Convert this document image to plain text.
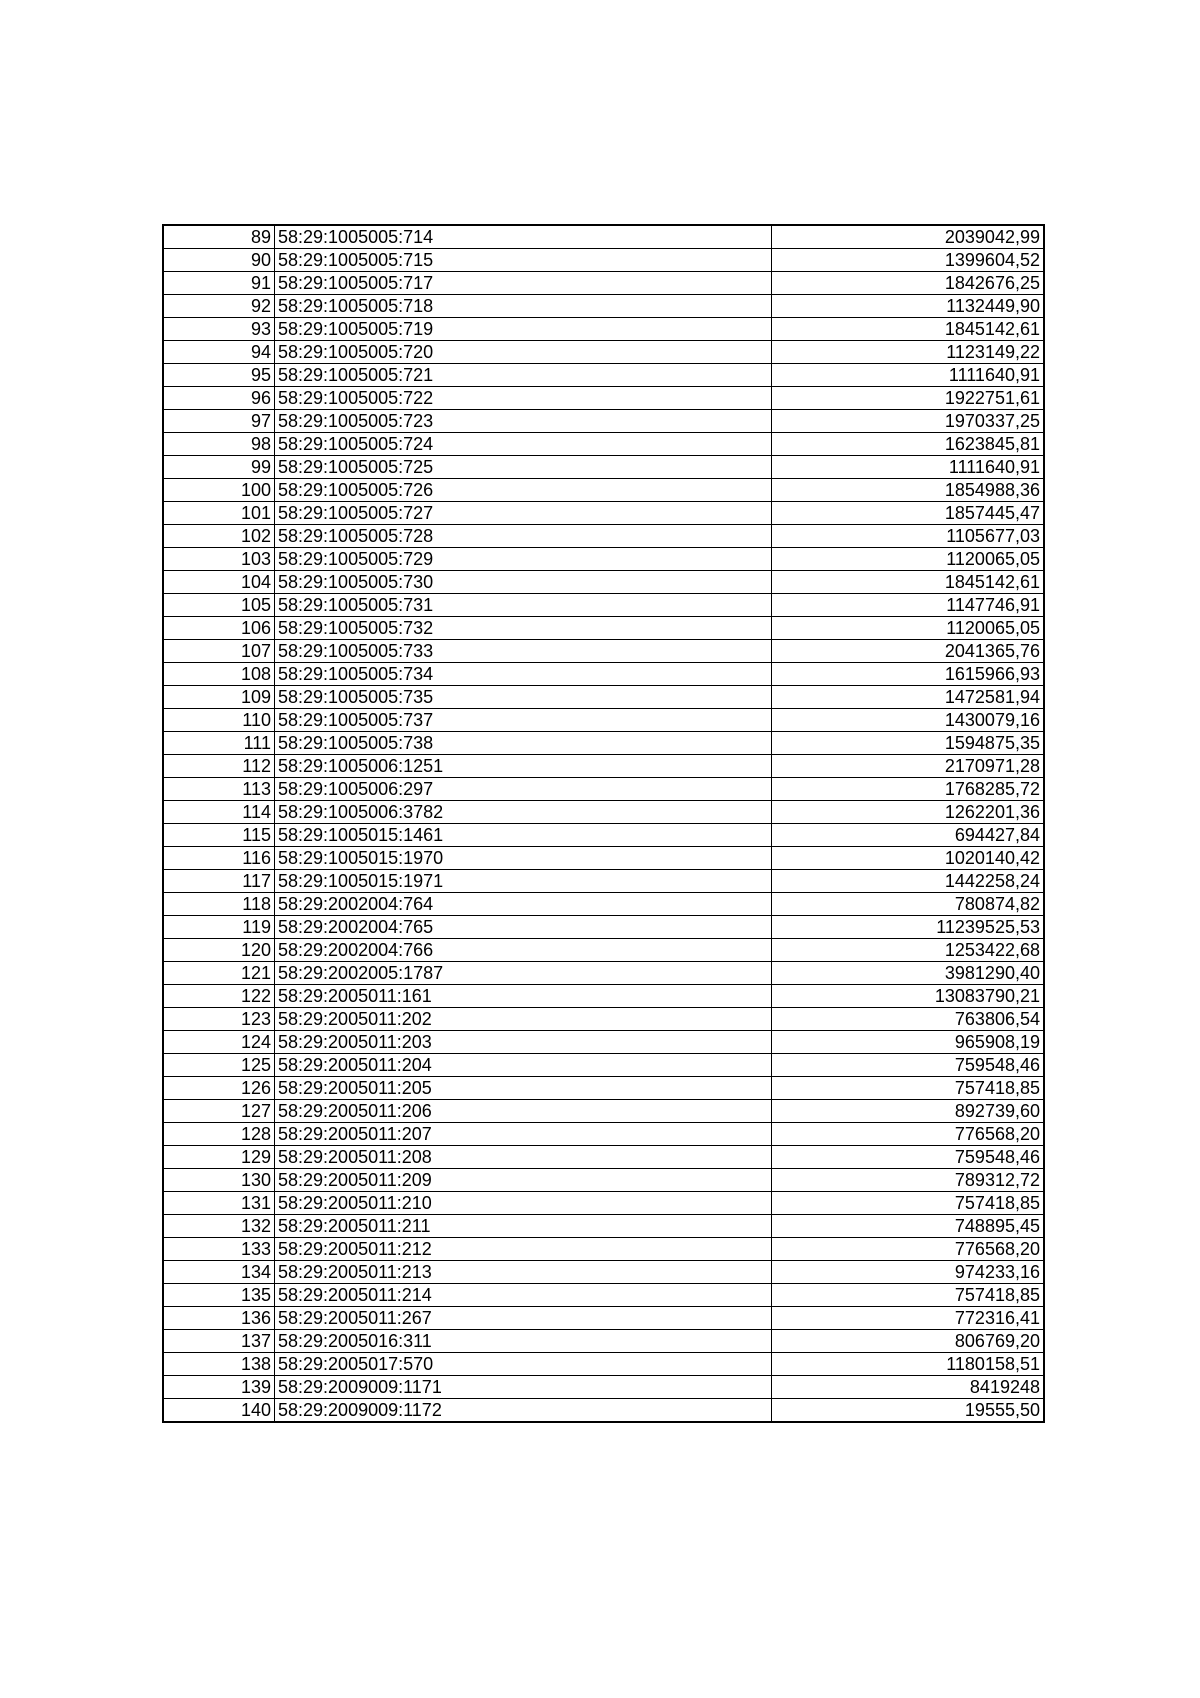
89	58:29:1005005:714	2039042,99
90	58:29:1005005:715	1399604,52
91	58:29:1005005:717	1842676,25
92	58:29:1005005:718	1132449,90
93	58:29:1005005:719	1845142,61
94	58:29:1005005:720	1123149,22
95	58:29:1005005:721	1111640,91
96	58:29:1005005:722	1922751,61
97	58:29:1005005:723	1970337,25
98	58:29:1005005:724	1623845,81
99	58:29:1005005:725	1111640,91
100	58:29:1005005:726	1854988,36
101	58:29:1005005:727	1857445,47
102	58:29:1005005:728	1105677,03
103	58:29:1005005:729	1120065,05
104	58:29:1005005:730	1845142,61
105	58:29:1005005:731	1147746,91
106	58:29:1005005:732	1120065,05
107	58:29:1005005:733	2041365,76
108	58:29:1005005:734	1615966,93
109	58:29:1005005:735	1472581,94
110	58:29:1005005:737	1430079,16
111	58:29:1005005:738	1594875,35
112	58:29:1005006:1251	2170971,28
113	58:29:1005006:297	1768285,72
114	58:29:1005006:3782	1262201,36
115	58:29:1005015:1461	694427,84
116	58:29:1005015:1970	1020140,42
117	58:29:1005015:1971	1442258,24
118	58:29:2002004:764	780874,82
119	58:29:2002004:765	11239525,53
120	58:29:2002004:766	1253422,68
121	58:29:2002005:1787	3981290,40
122	58:29:2005011:161	13083790,21
123	58:29:2005011:202	763806,54
124	58:29:2005011:203	965908,19
125	58:29:2005011:204	759548,46
126	58:29:2005011:205	757418,85
127	58:29:2005011:206	892739,60
128	58:29:2005011:207	776568,20
129	58:29:2005011:208	759548,46
130	58:29:2005011:209	789312,72
131	58:29:2005011:210	757418,85
132	58:29:2005011:211	748895,45
133	58:29:2005011:212	776568,20
134	58:29:2005011:213	974233,16
135	58:29:2005011:214	757418,85
136	58:29:2005011:267	772316,41
137	58:29:2005016:311	806769,20
138	58:29:2005017:570	1180158,51
139	58:29:2009009:1171	8419248
140	58:29:2009009:1172	19555,50
